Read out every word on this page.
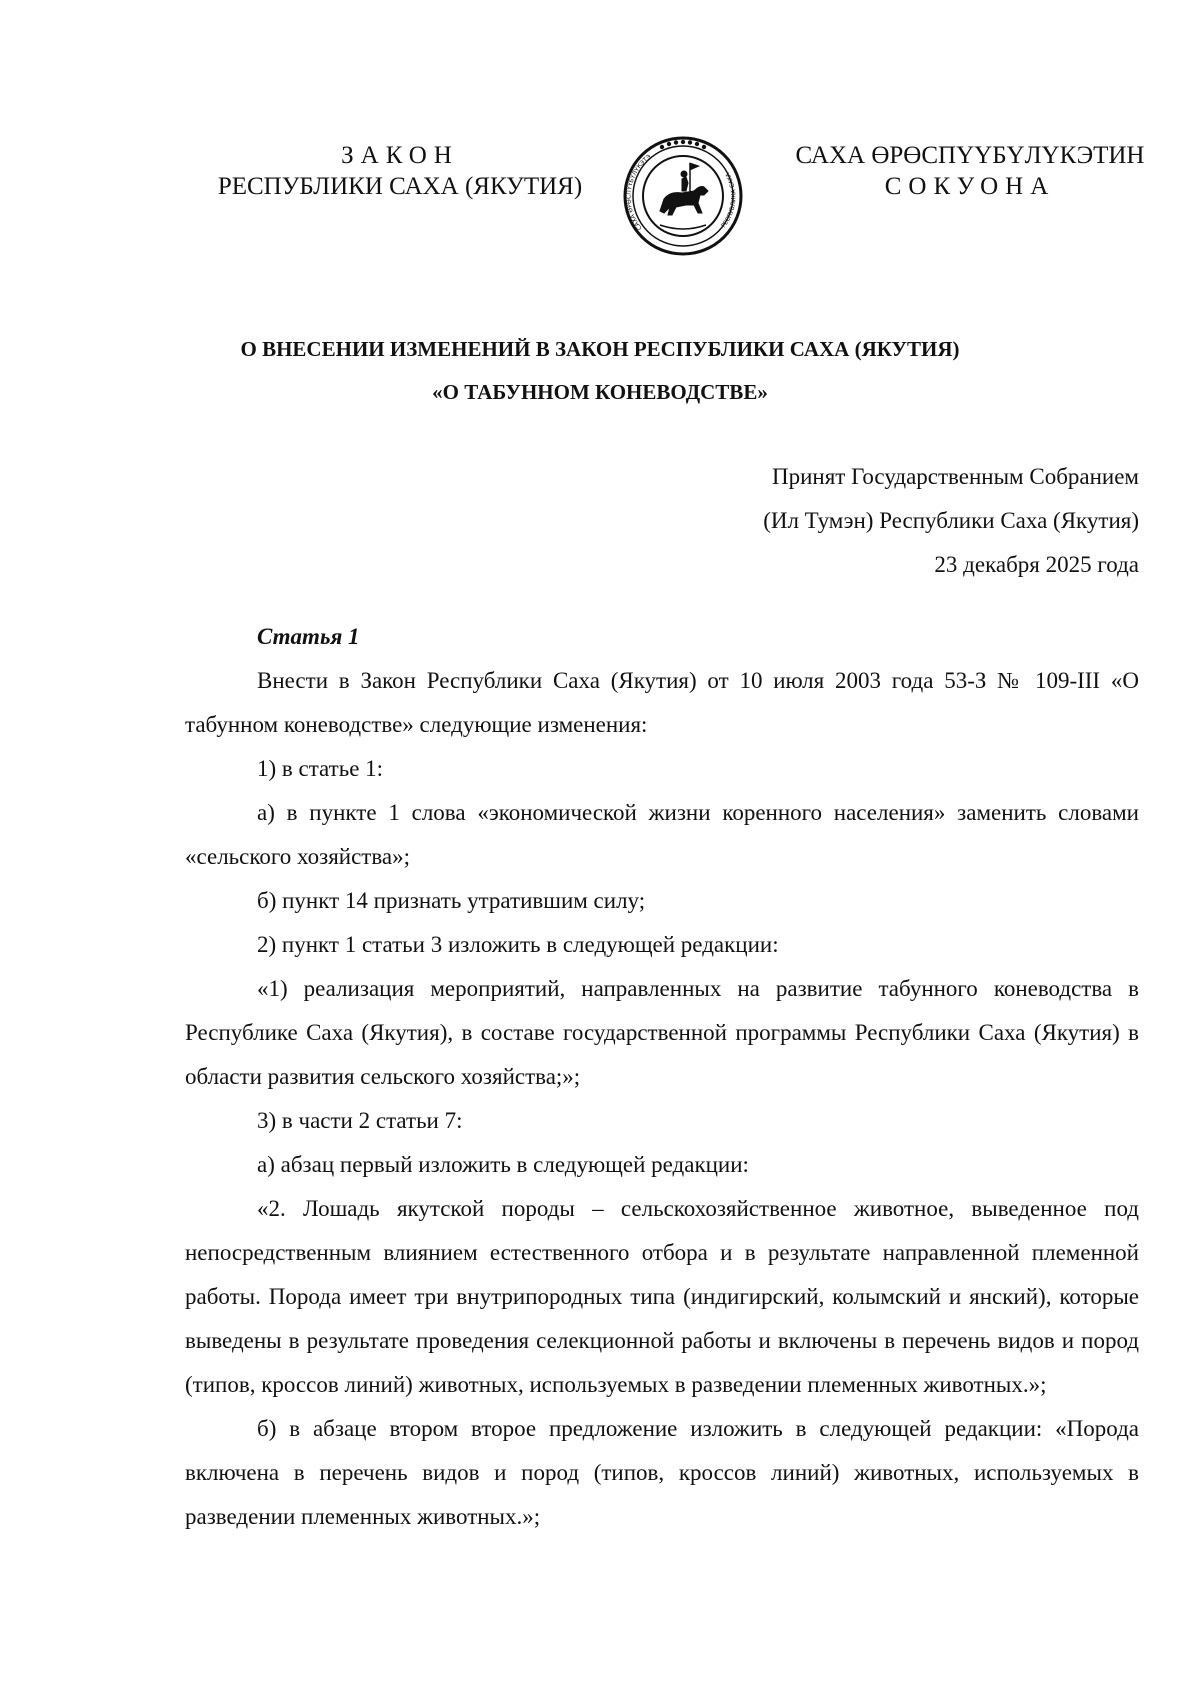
ЗАКОН
РЕСПУБЛИКИ САХА (ЯКУТИЯ)
САХА ӨРӨСПҮҮБҮЛҮКЭТЭ
РЕСПУБЛИКА САХА
САХА ӨРӨСПҮҮБҮЛҮКЭТИН
СОКУОНА
О ВНЕСЕНИИ ИЗМЕНЕНИЙ В ЗАКОН РЕСПУБЛИКИ САХА (ЯКУТИЯ)
«О ТАБУННОМ КОНЕВОДСТВЕ»
Принят Государственным Собранием
(Ил Тумэн) Республики Саха (Якутия)
23 декабря 2025 года
Статья 1

Внести в Закон Республики Саха (Якутия) от 10 июля 2003 года 53-З № 109-III «О табунном коневодстве» следующие изменения:

1) в статье 1:

а) в пункте 1 слова «экономической жизни коренного населения» заменить словами «сельского хозяйства»;

б) пункт 14 признать утратившим силу;

2) пункт 1 статьи 3 изложить в следующей редакции:

«1) реализация мероприятий, направленных на развитие табунного коневодства в Республике Саха (Якутия), в составе государственной программы Республики Саха (Якутия) в области развития сельского хозяйства;»;

3) в части 2 статьи 7:

а) абзац первый изложить в следующей редакции:

«2. Лошадь якутской породы – сельскохозяйственное животное, выведенное под непосредственным влиянием естественного отбора и в результате направленной племенной работы. Порода имеет три внутрипородных типа (индигирский, колымский и янский), которые выведены в результате проведения селекционной работы и включены в перечень видов и пород (типов, кроссов линий) животных, используемых в разведении племенных животных.»;

б) в абзаце втором второе предложение изложить в следующей редакции: «Порода включена в перечень видов и пород (типов, кроссов линий) животных, используемых в разведении племенных животных.»;
